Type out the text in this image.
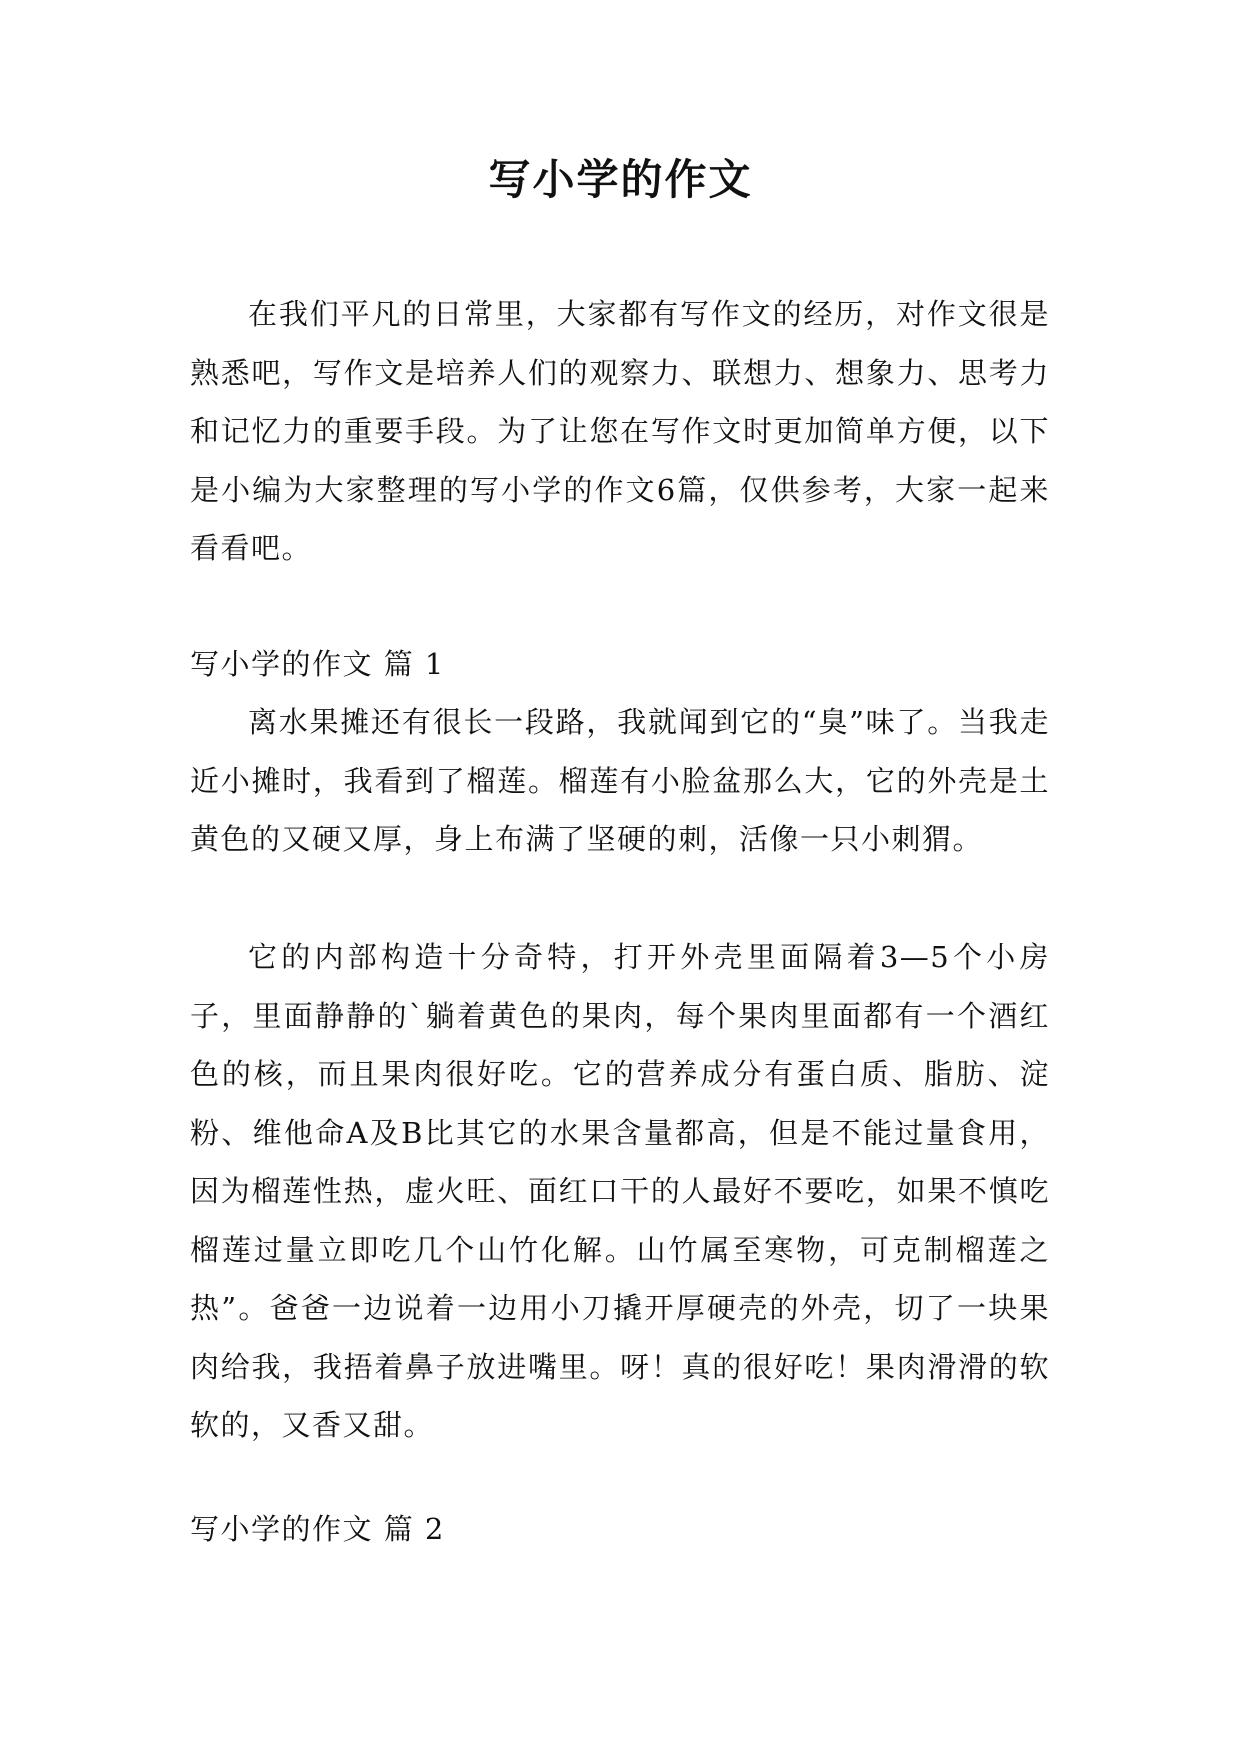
写小学的作文

在我们平凡的日常里，大家都有写作文的经历，对作文很是熟悉吧，写作文是培养人们的观察力、联想力、想象力、思考力和记忆力的重要手段。为了让您在写作文时更加简单方便，以下是小编为大家整理的写小学的作文6篇，仅供参考，大家一起来看看吧。

写小学的作文 篇 1

离水果摊还有很长一段路，我就闻到它的“臭”味了。当我走近小摊时，我看到了榴莲。榴莲有小脸盆那么大，它的外壳是土黄色的又硬又厚，身上布满了坚硬的刺，活像一只小刺猬。

它的内部构造十分奇特，打开外壳里面隔着3—5个小房子，里面静静的`躺着黄色的果肉，每个果肉里面都有一个酒红色的核，而且果肉很好吃。它的营养成分有蛋白质、脂肪、淀粉、维他命A及B比其它的水果含量都高，但是不能过量食用，因为榴莲性热，虚火旺、面红口干的人最好不要吃，如果不慎吃榴莲过量立即吃几个山竹化解。山竹属至寒物，可克制榴莲之热”。爸爸一边说着一边用小刀撬开厚硬壳的外壳，切了一块果肉给我，我捂着鼻子放进嘴里。呀！真的很好吃！果肉滑滑的软软的，又香又甜。

写小学的作文 篇 2
